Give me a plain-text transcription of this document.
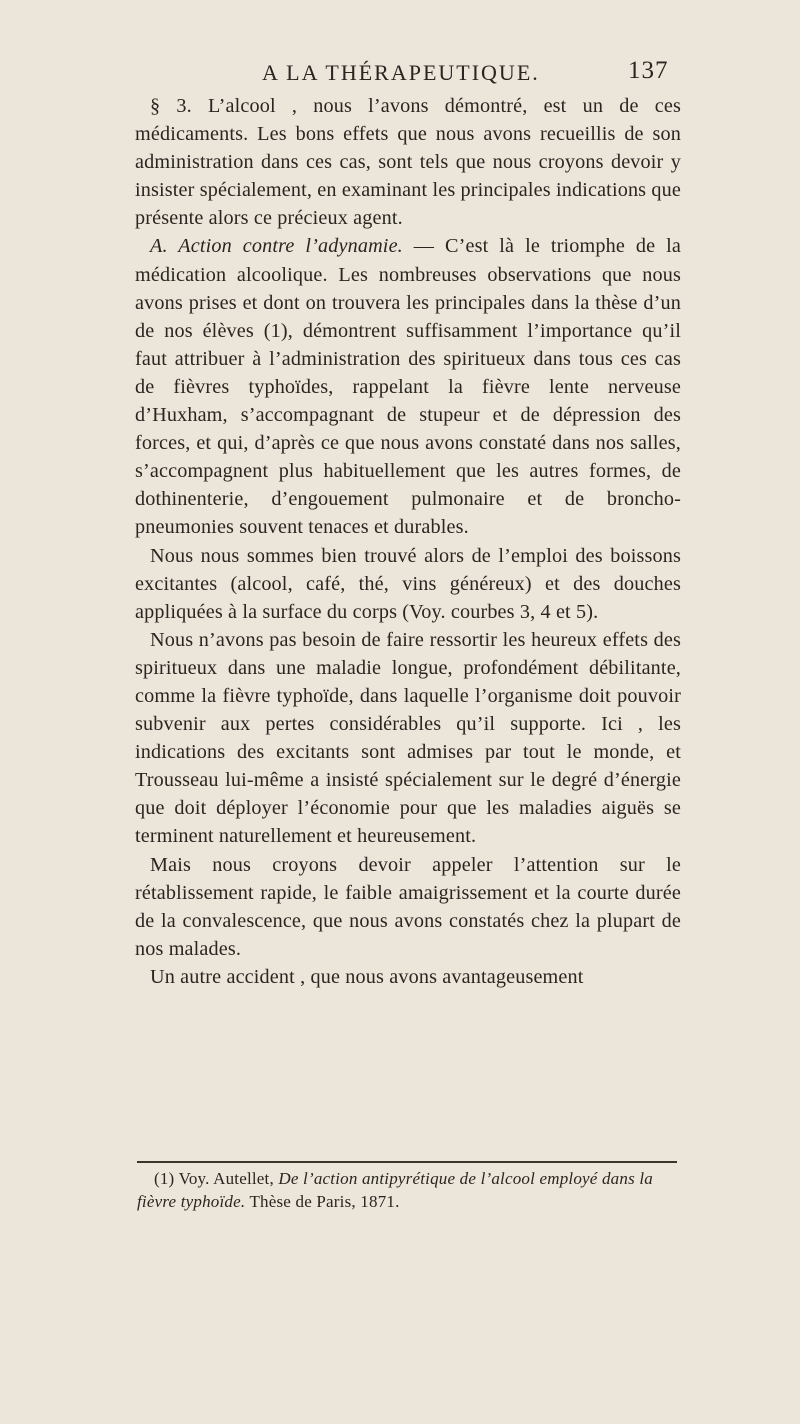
A LA THÉRAPEUTIQUE.	137

§ 3. L’alcool , nous l’avons démontré, est un de ces médicaments. Les bons effets que nous avons recueillis de son administration dans ces cas, sont tels que nous croyons devoir y insister spécialement, en examinant les principales indications que présente alors ce précieux agent.

A. Action contre l’adynamie. — C’est là le triomphe de la médication alcoolique. Les nombreuses observations que nous avons prises et dont on trouvera les principales dans la thèse d’un de nos élèves (1), démontrent suffisamment l’importance qu’il faut attribuer à l’administration des spiritueux dans tous ces cas de fièvres typhoïdes, rappelant la fièvre lente nerveuse d’Huxham, s’accompagnant de stupeur et de dépression des forces, et qui, d’après ce que nous avons constaté dans nos salles, s’accompagnent plus habituellement que les autres formes, de dothinenterie, d’engouement pulmonaire et de broncho-pneumonies souvent tenaces et durables.

Nous nous sommes bien trouvé alors de l’emploi des boissons excitantes (alcool, café, thé, vins généreux) et des douches appliquées à la surface du corps (Voy. courbes 3, 4 et 5).

Nous n’avons pas besoin de faire ressortir les heureux effets des spiritueux dans une maladie longue, profondément débilitante, comme la fièvre typhoïde, dans laquelle l’organisme doit pouvoir subvenir aux pertes considérables qu’il supporte. Ici , les indications des excitants sont admises par tout le monde, et Trousseau lui-même a insisté spécialement sur le degré d’énergie que doit déployer l’économie pour que les maladies aiguës se terminent naturellement et heureusement.

Mais nous croyons devoir appeler l’attention sur le rétablissement rapide, le faible amaigrissement et la courte durée de la convalescence, que nous avons constatés chez la plupart de nos malades.

Un autre accident , que nous avons avantageusement

(1) Voy. Autellet, De l’action antipyrétique de l’alcool employé dans la fièvre typhoïde. Thèse de Paris, 1871.
